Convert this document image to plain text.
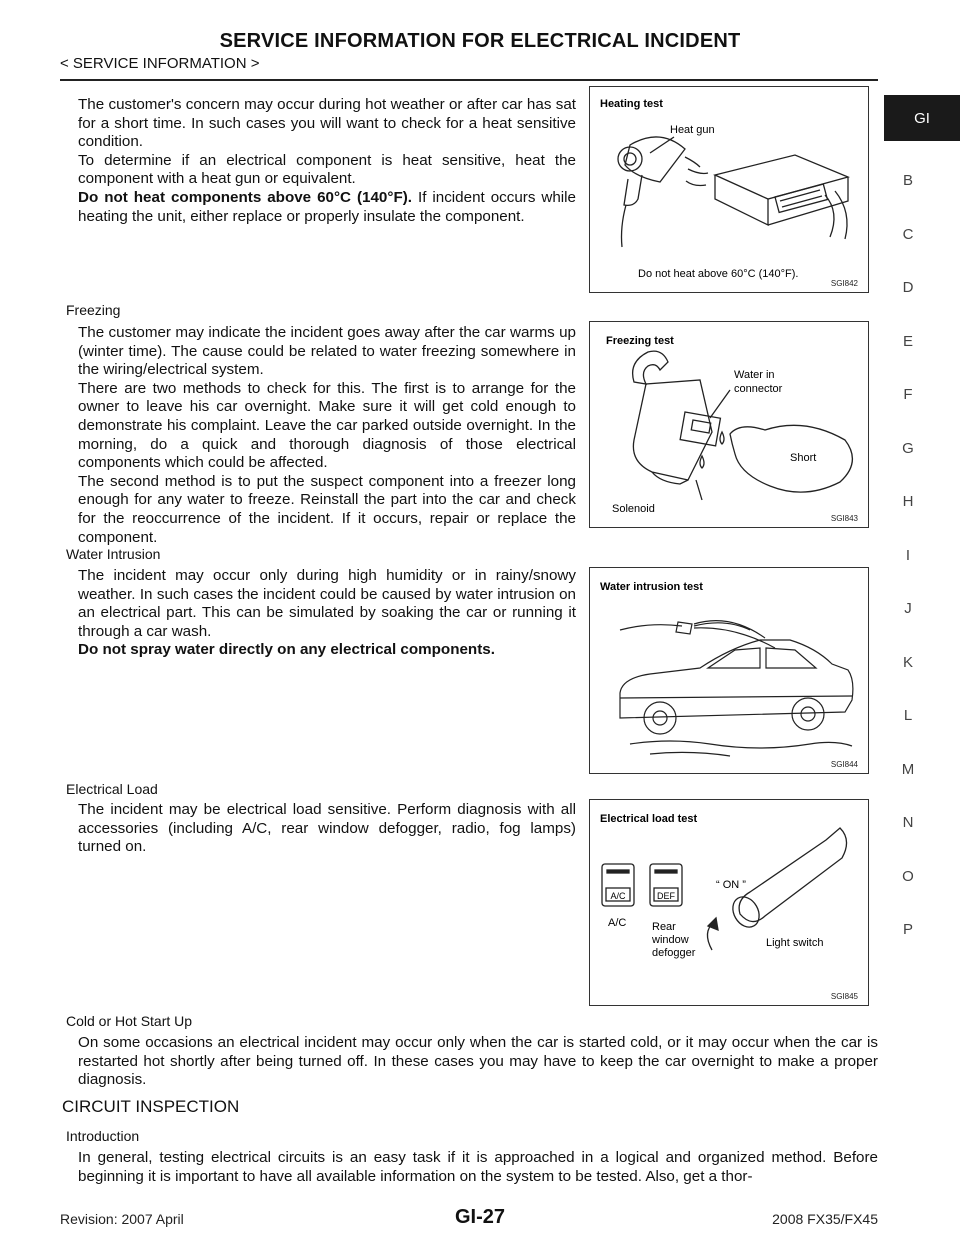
SERVICE INFORMATION FOR ELECTRICAL INCIDENT
< SERVICE INFORMATION >
GI
B
C
D
E
F
G
H
I
J
K
L
M
N
O
P
The customer's concern may occur during hot weather or after car has sat for a short time. In such cases you will want to check for a heat sensitive condition.
To determine if an electrical component is heat sensitive, heat the component with a heat gun or equivalent.
Do not heat components above 60°C (140°F). If incident occurs while heating the unit, either replace or properly insulate the component.
Heating test
Heat gun
Do not heat above 60°C (140°F).
SGI842
Freezing
The customer may indicate the incident goes away after the car warms up (winter time). The cause could be related to water freezing somewhere in the wiring/electrical system.
There are two methods to check for this. The first is to arrange for the owner to leave his car overnight. Make sure it will get cold enough to demonstrate his complaint. Leave the car parked outside overnight. In the morning, do a quick and thorough diagnosis of those electrical components which could be affected.
The second method is to put the suspect component into a freezer long enough for any water to freeze. Reinstall the part into the car and check for the reoccurrence of the incident. If it occurs, repair or replace the component.
Freezing test
Water in
connector
Short
Solenoid
SGI843
Water Intrusion
The incident may occur only during high humidity or in rainy/snowy weather. In such cases the incident could be caused by water intrusion on an electrical part. This can be simulated by soaking the car or running it through a car wash.
Do not spray water directly on any electrical components.
Water intrusion test
SGI844
Electrical Load
The incident may be electrical load sensitive. Perform diagnosis with all accessories (including A/C, rear window defogger, radio, fog lamps) turned on.
Electrical load test
A/C	DEF
A/C
“ ON ”
Rear
window
defogger
Light switch
SGI845
Cold or Hot Start Up
On some occasions an electrical incident may occur only when the car is started cold, or it may occur when the car is restarted hot shortly after being turned off. In these cases you may have to keep the car overnight to make a proper diagnosis.
CIRCUIT INSPECTION
Introduction
In general, testing electrical circuits is an easy task if it is approached in a logical and organized method. Before beginning it is important to have all available information on the system to be tested. Also, get a thor-
Revision: 2007 April	GI-27	2008 FX35/FX45
